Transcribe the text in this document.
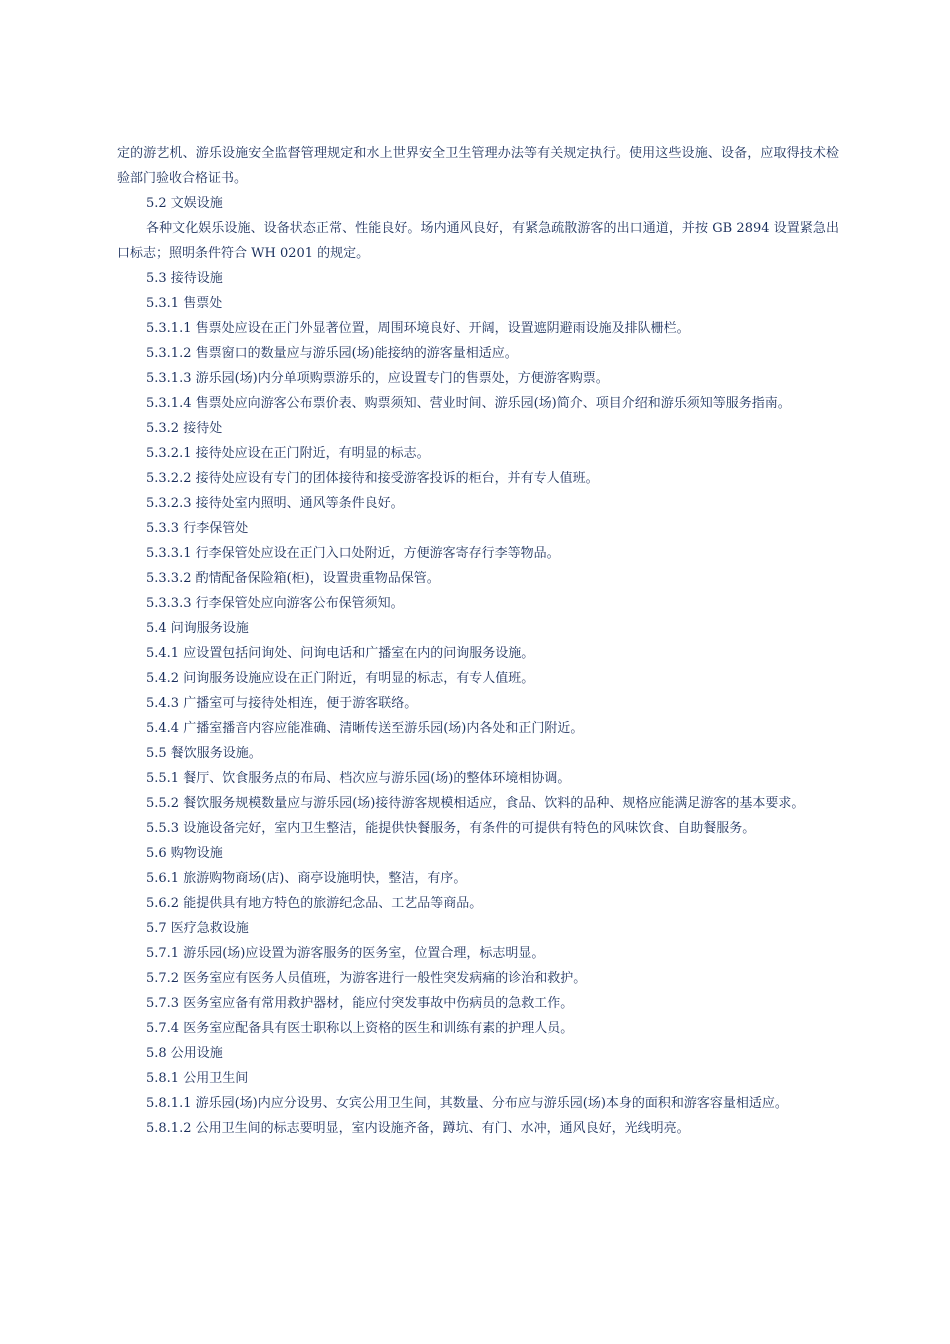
定的游艺机、游乐设施安全监督管理规定和水上世界安全卫生管理办法等有关规定执行。使用这些设施、设备，应取得技术检验部门验收合格证书。

5.2 文娱设施

各种文化娱乐设施、设备状态正常、性能良好。场内通风良好，有紧急疏散游客的出口通道，并按 GB 2894 设置紧急出口标志；照明条件符合 WH 0201 的规定。

5.3 接待设施

5.3.1 售票处

5.3.1.1 售票处应设在正门外显著位置，周围环境良好、开阔，设置遮阴避雨设施及排队栅栏。

5.3.1.2 售票窗口的数量应与游乐园(场)能接纳的游客量相适应。

5.3.1.3 游乐园(场)内分单项购票游乐的，应设置专门的售票处，方便游客购票。

5.3.1.4 售票处应向游客公布票价表、购票须知、营业时间、游乐园(场)简介、项目介绍和游乐须知等服务指南。

5.3.2 接待处

5.3.2.1 接待处应设在正门附近，有明显的标志。

5.3.2.2 接待处应设有专门的团体接待和接受游客投诉的柜台，并有专人值班。

5.3.2.3 接待处室内照明、通风等条件良好。

5.3.3 行李保管处

5.3.3.1 行李保管处应设在正门入口处附近，方便游客寄存行李等物品。

5.3.3.2 酌情配备保险箱(柜)，设置贵重物品保管。

5.3.3.3 行李保管处应向游客公布保管须知。

5.4 问询服务设施

5.4.1 应设置包括问询处、问询电话和广播室在内的问询服务设施。

5.4.2 问询服务设施应设在正门附近，有明显的标志，有专人值班。

5.4.3 广播室可与接待处相连，便于游客联络。

5.4.4 广播室播音内容应能准确、清晰传送至游乐园(场)内各处和正门附近。

5.5 餐饮服务设施。

5.5.1 餐厅、饮食服务点的布局、档次应与游乐园(场)的整体环境相协调。

5.5.2 餐饮服务规模数量应与游乐园(场)接待游客规模相适应，食品、饮料的品种、规格应能满足游客的基本要求。

5.5.3 设施设备完好，室内卫生整洁，能提供快餐服务，有条件的可提供有特色的风味饮食、自助餐服务。

5.6 购物设施

5.6.1 旅游购物商场(店)、商亭设施明快，整洁，有序。

5.6.2 能提供具有地方特色的旅游纪念品、工艺品等商品。

5.7 医疗急救设施

5.7.1 游乐园(场)应设置为游客服务的医务室，位置合理，标志明显。

5.7.2 医务室应有医务人员值班，为游客进行一般性突发病痛的诊治和救护。

5.7.3 医务室应备有常用救护器材，能应付突发事故中伤病员的急救工作。

5.7.4 医务室应配备具有医士职称以上资格的医生和训练有素的护理人员。

5.8 公用设施

5.8.1 公用卫生间

5.8.1.1 游乐园(场)内应分设男、女宾公用卫生间，其数量、分布应与游乐园(场)本身的面积和游客容量相适应。

5.8.1.2 公用卫生间的标志要明显，室内设施齐备，蹲坑、有门、水冲，通风良好，光线明亮。
